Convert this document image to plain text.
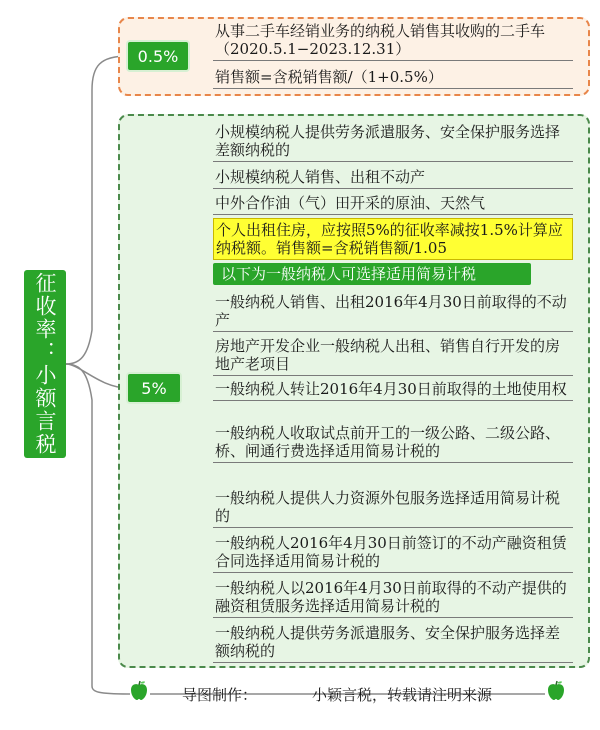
征收率：小额言税
0.5%
5%
从事二手车经销业务的纳税人销售其收购的二手车（2020.5.1−2023.12.31）
销售额=含税销售额/（1+0.5%）
小规模纳税人提供劳务派遣服务、安全保护服务选择差额纳税的
小规模纳税人销售、出租不动产
中外合作油（气）田开采的原油、天然气
个人出租住房，应按照5%的征收率减按1.5%计算应纳税额。销售额=含税销售额/1.05
以下为一般纳税人可选择适用简易计税
一般纳税人销售、出租2016年4月30日前取得的不动产
房地产开发企业一般纳税人出租、销售自行开发的房地产老项目
一般纳税人转让2016年4月30日前取得的土地使用权
一般纳税人收取试点前开工的一级公路、二级公路、桥、闸通行费选择适用简易计税的
一般纳税人提供人力资源外包服务选择适用简易计税的
一般纳税人2016年4月30日前签订的不动产融资租赁合同选择适用简易计税的
一般纳税人以2016年4月30日前取得的不动产提供的融资租赁服务选择适用简易计税的
一般纳税人提供劳务派遣服务、安全保护服务选择差额纳税的
导图制作：	小颖言税，转载请注明来源
